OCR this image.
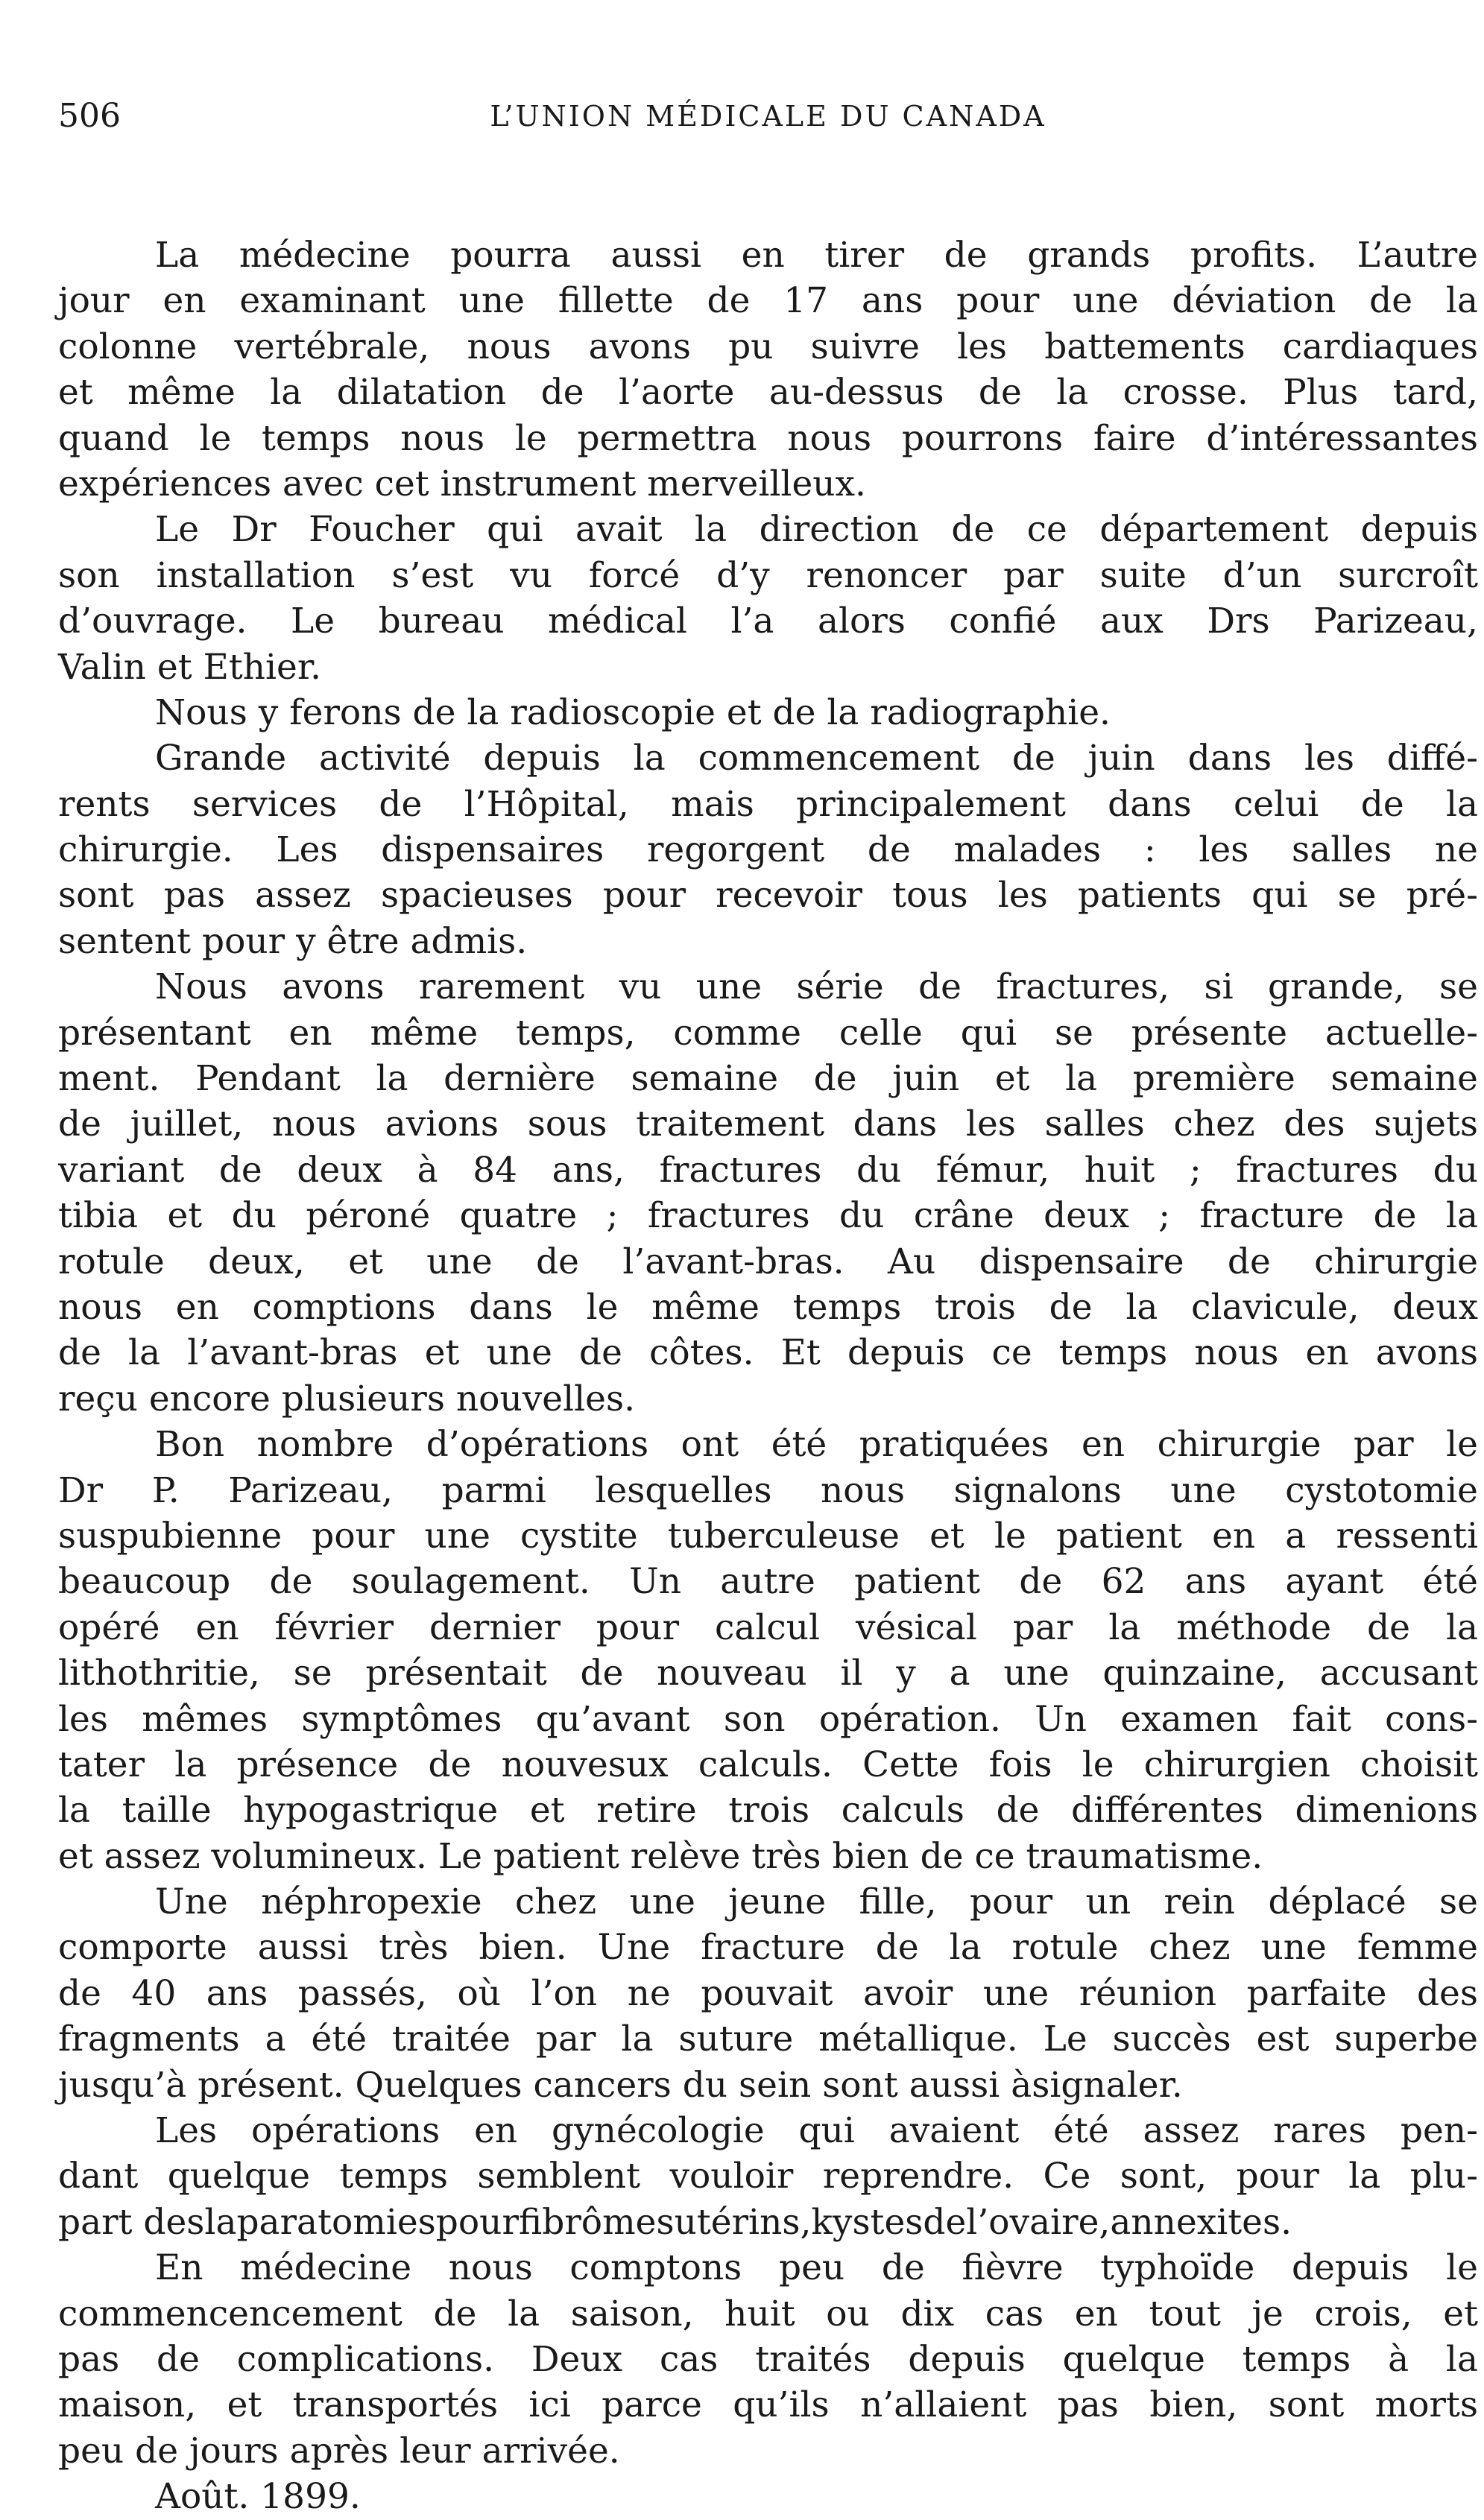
506	L’UNION MÉDICALE DU CANADA
La médecine pourra aussi en tirer de grands profits. L’autre
jour en examinant une fillette de 17 ans pour une déviation de la
colonne vertébrale, nous avons pu suivre les battements cardiaques
et même la dilatation de l’aorte au-dessus de la crosse. Plus tard,
quand le temps nous le permettra nous pourrons faire d’intéressantes
expériences avec cet instrument merveilleux.
Le Dr Foucher qui avait la direction de ce département depuis
son installation s’est vu forcé d’y renoncer par suite d’un surcroît
d’ouvrage. Le bureau médical l’a alors confié aux Drs Parizeau,
Valin et Ethier.
Nous y ferons de la radioscopie et de la radiographie.
Grande activité depuis la commencement de juin dans les diffé-
rents services de l’Hôpital, mais principalement dans celui de la
chirurgie. Les dispensaires regorgent de malades : les salles ne
sont pas assez spacieuses pour recevoir tous les patients qui se pré-
sentent pour y être admis.
Nous avons rarement vu une série de fractures, si grande, se
présentant en même temps, comme celle qui se présente actuelle-
ment. Pendant la dernière semaine de juin et la première semaine
de juillet, nous avions sous traitement dans les salles chez des sujets
variant de deux à 84 ans, fractures du fémur, huit ; fractures du
tibia et du péroné quatre ; fractures du crâne deux ; fracture de la
rotule deux, et une de l’avant-bras. Au dispensaire de chirurgie
nous en comptions dans le même temps trois de la clavicule, deux
de la l’avant-bras et une de côtes. Et depuis ce temps nous en avons
reçu encore plusieurs nouvelles.
Bon nombre d’opérations ont été pratiquées en chirurgie par le
Dr P. Parizeau, parmi lesquelles nous signalons une cystotomie
suspubienne pour une cystite tuberculeuse et le patient en a ressenti
beaucoup de soulagement. Un autre patient de 62 ans ayant été
opéré en février dernier pour calcul vésical par la méthode de la
lithothritie, se présentait de nouveau il y a une quinzaine, accusant
les mêmes symptômes qu’avant son opération. Un examen fait cons-
tater la présence de nouvesux calculs. Cette fois le chirurgien choisit
la taille hypogastrique et retire trois calculs de différentes dimenions
et assez volumineux. Le patient relève très bien de ce traumatisme.
Une néphropexie chez une jeune fille, pour un rein déplacé se
comporte aussi très bien. Une fracture de la rotule chez une femme
de 40 ans passés, où l’on ne pouvait avoir une réunion parfaite des
fragments a été traitée par la suture métallique. Le succès est superbe
jusqu’à présent. Quelques cancers du sein sont aussi àsignaler.
Les opérations en gynécologie qui avaient été assez rares pen-
dant quelque temps semblent vouloir reprendre. Ce sont, pour la plu-
part deslaparatomiespourfibrômesutérins,kystesdel’ovaire,annexites.
En médecine nous comptons peu de fièvre typhoïde depuis le
commencencement de la saison, huit ou dix cas en tout je crois, et
pas de complications. Deux cas traités depuis quelque temps à la
maison, et transportés ici parce qu’ils n’allaient pas bien, sont morts
peu de jours après leur arrivée.
Août. 1899.
